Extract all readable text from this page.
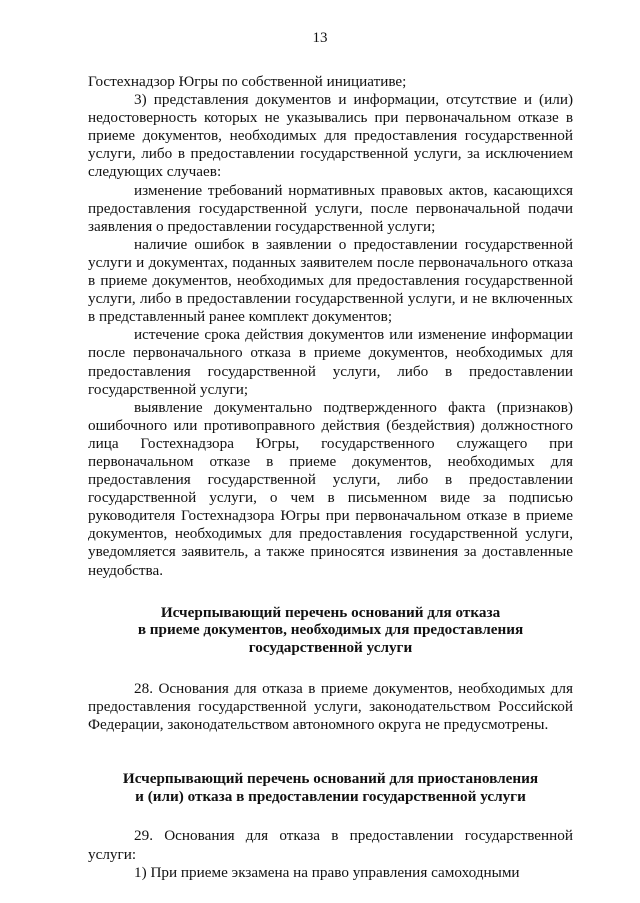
13

Гостехнадзор Югры по собственной инициативе;

3) представления документов и информации, отсутствие и (или) недостоверность которых не указывались при первоначальном отказе в приеме документов, необходимых для предоставления государственной услуги, либо в предоставлении государственной услуги, за исключением следующих случаев:

изменение требований нормативных правовых актов, касающихся предоставления государственной услуги, после первоначальной подачи заявления о предоставлении государственной услуги;

наличие ошибок в заявлении о предоставлении государственной услуги и документах, поданных заявителем после первоначального отказа в приеме документов, необходимых для предоставления государственной услуги, либо в предоставлении государственной услуги, и не включенных в представленный ранее комплект документов;

истечение срока действия документов или изменение информации после первоначального отказа в приеме документов, необходимых для предоставления государственной услуги, либо в предоставлении государственной услуги;

выявление документально подтвержденного факта (признаков) ошибочного или противоправного действия (бездействия) должностного лица Гостехнадзора Югры, государственного служащего при первоначальном отказе в приеме документов, необходимых для предоставления государственной услуги, либо в предоставлении государственной услуги, о чем в письменном виде за подписью руководителя Гостехнадзора Югры при первоначальном отказе в приеме документов, необходимых для предоставления государственной услуги, уведомляется заявитель, а также приносятся извинения за доставленные неудобства.

Исчерпывающий перечень оснований для отказа
в приеме документов, необходимых для предоставления
государственной услуги

28. Основания для отказа в приеме документов, необходимых для предоставления государственной услуги, законодательством Российской Федерации, законодательством автономного округа не предусмотрены.

Исчерпывающий перечень оснований для приостановления
и (или) отказа в предоставлении государственной услуги

29. Основания для отказа в предоставлении государственной услуги:

1) При приеме экзамена на право управления самоходными
